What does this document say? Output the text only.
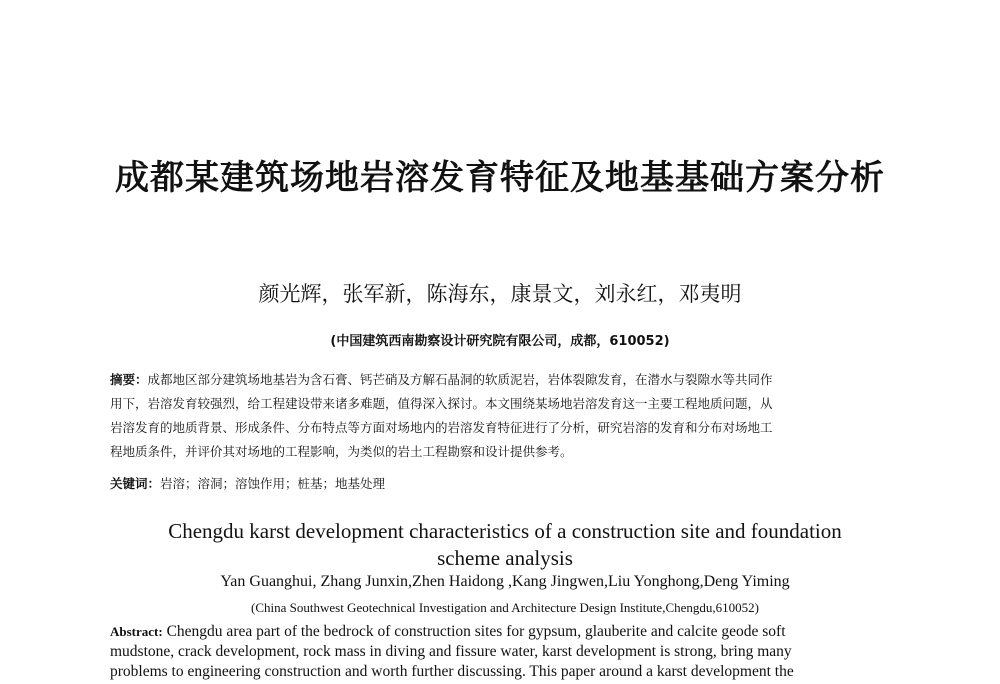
成都某建筑场地岩溶发育特征及地基基础方案分析
颜光辉，张军新，陈海东，康景文，刘永红，邓夷明
(中国建筑西南勘察设计研究院有限公司，成都，610052)
摘要：成都地区部分建筑场地基岩为含石膏、钙芒硝及方解石晶洞的软质泥岩，岩体裂隙发育，在潜水与裂隙水等共同作
用下，岩溶发育较强烈，给工程建设带来诸多难题，值得深入探讨。本文围绕某场地岩溶发育这一主要工程地质问题，从
岩溶发育的地质背景、形成条件、分布特点等方面对场地内的岩溶发育特征进行了分析，研究岩溶的发育和分布对场地工
程地质条件，并评价其对场地的工程影响，为类似的岩土工程勘察和设计提供参考。
关键词：岩溶；溶洞；溶蚀作用；桩基；地基处理
Chengdu karst development characteristics of a construction site and foundation
scheme analysis
Yan Guanghui, Zhang Junxin,Zhen Haidong ,Kang Jingwen,Liu Yonghong,Deng Yiming
(China Southwest Geotechnical Investigation and Architecture Design Institute,Chengdu,610052)
Abstract: Chengdu area part of the bedrock of construction sites for gypsum, glauberite and calcite geode soft
mudstone, crack development, rock mass in diving and fissure water, karst development is strong, bring many
problems to engineering construction and worth further discussing. This paper around a karst development the
